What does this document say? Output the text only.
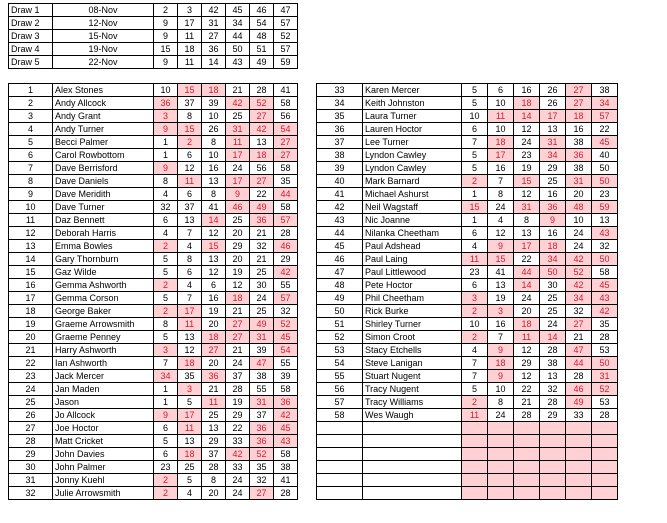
Draw 1	08-Nov	2	3	42	45	46	47
Draw 2	12-Nov	9	17	31	34	54	57
Draw 3	15-Nov	9	11	27	44	48	52
Draw 4	19-Nov	15	18	36	50	51	57
Draw 5	22-Nov	9	11	14	43	49	59
1	Alex Stones	10	15	18	21	28	41
2	Andy Allcock	36	37	39	42	52	58
3	Andy Grant	3	8	10	25	27	56
4	Andy Turner	9	15	26	31	42	54
5	Becci Palmer	1	2	8	11	13	27
6	Carol Rowbottom	1	6	10	17	18	27
7	Dave Berrisford	9	12	16	24	56	58
8	Dave Daniels	8	11	13	17	27	35
9	Dave Meridith	4	6	8	9	22	44
10	Dave Turner	32	37	41	46	49	58
11	Daz Bennett	6	13	14	25	36	57
12	Deborah Harris	4	7	12	20	21	28
13	Emma Bowles	2	4	15	29	32	46
14	Gary Thornburn	5	8	13	20	21	29
15	Gaz Wilde	5	6	12	19	25	42
16	Gemma Ashworth	2	4	6	12	30	55
17	Gemma Corson	5	7	16	18	24	57
18	George Baker	2	17	19	21	25	32
19	Graeme Arrowsmith	8	11	20	27	49	52
20	Graeme Penney	5	13	18	27	31	45
21	Harry Ashworth	3	12	27	21	39	54
22	Ian Ashworth	7	18	20	24	47	55
23	Jack Mercer	34	35	36	37	38	39
24	Jan Maden	1	3	21	28	55	58
25	Jason	1	5	11	19	31	36
26	Jo Allcock	9	17	25	29	37	42
27	Joe Hoctor	6	11	13	22	36	45
28	Matt Cricket	5	13	29	33	36	43
29	John Davies	6	18	37	42	52	58
30	John Palmer	23	25	28	33	35	38
31	Jonny Kuehl	2	5	8	24	32	41
32	Julie Arrowsmith	2	4	20	24	27	28
33	Karen Mercer	5	6	16	26	27	38
34	Keith Johnston	5	10	18	26	27	34
35	Laura Turner	10	11	14	17	18	57
36	Lauren Hoctor	6	10	12	13	16	22
37	Lee Turner	7	18	24	31	38	45
38	Lyndon Cawley	5	17	23	34	36	40
39	Lyndon Cawley	5	16	19	29	38	50
40	Mark Barnard	2	7	15	25	31	50
41	Michael Ashurst	1	8	12	16	20	23
42	Neil Wagstaff	15	24	31	36	48	59
43	Nic Joanne	1	4	8	9	10	13
44	Nilanka Cheetham	6	12	13	16	24	43
45	Paul Adshead	4	9	17	18	24	32
46	Paul Laing	11	15	22	34	42	50
47	Paul Littlewood	23	41	44	50	52	58
48	Pete Hoctor	6	13	14	30	42	45
49	Phil Cheetham	3	19	24	25	34	43
50	Rick Burke	2	3	20	25	32	42
51	Shirley Turner	10	16	18	24	27	35
52	Simon Croot	2	7	11	14	21	28
53	Stacy Etchells	4	9	12	28	47	53
54	Steve Lanigan	7	18	29	38	44	50
55	Stuart Nugent	7	9	12	13	28	31
56	Tracy Nugent	5	10	22	32	46	52
57	Tracy Williams	2	8	21	28	49	53
58	Wes Waugh	11	24	28	29	33	28
